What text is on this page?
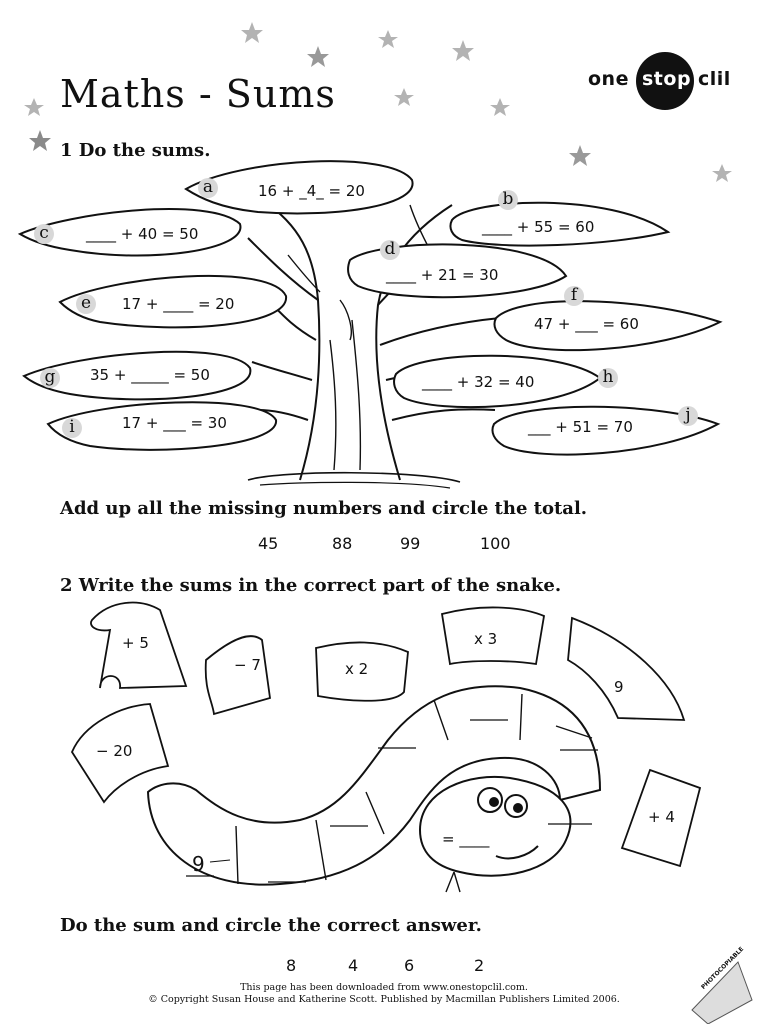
Maths - Sums	one stop clil
1 Do the sums.
a	16 + _4_ = 20	b
____ + 55 = 60
c	____ + 40 = 50
d
____ + 21 = 30
e	17 + ____ = 20	f
47 + ___ = 60
g	35 + _____ = 50	h
____ + 32 = 40
i	17 + ___ = 30	j
___ + 51 = 70
Add up all the missing numbers and circle the total.
45	88	99	100
2 Write the sums in the correct part of the snake.
+ 5
− 7	x 2
x 3
9
− 20
+ 4
9
= ____
Do the sum and circle the correct answer.
8	4	6	2
This page has been downloaded from www.onestopclil.com.
© Copyright Susan House and Katherine Scott. Published by Macmillan Publishers Limited 2006.
PHOTOCOPIABLE
